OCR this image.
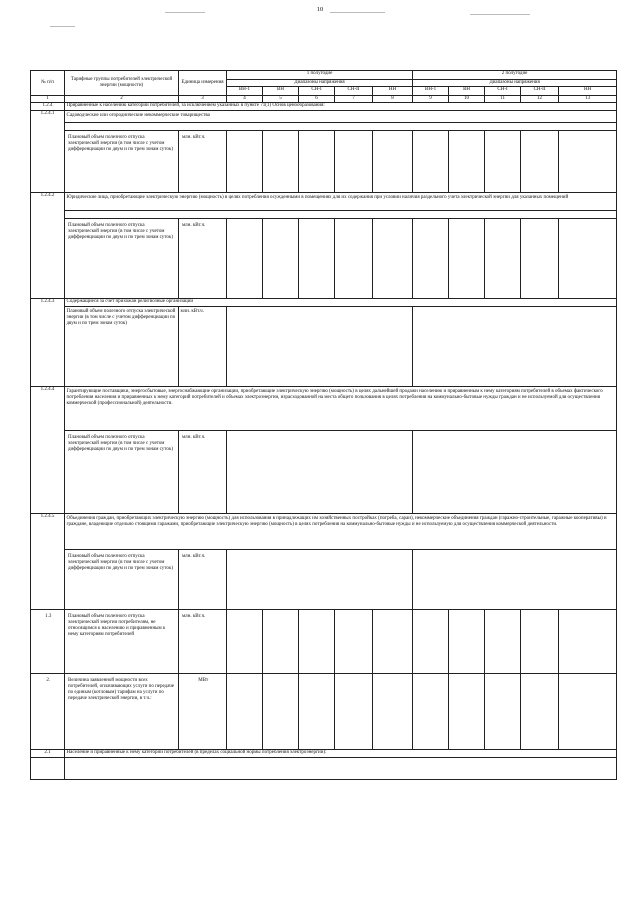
10
№ п/п	Тарифные группы потребителей электрической энергии (мощности)	Единица измерения	1 полугодие					2 полугодие				
			Диапазоны напряжения					Диапазоны напряжения				
			ВН-1	ВН	СН-I	СН-II	НН	ВН-1	ВН	СН-I	СН-II	НН
1	2	3	4	5	6	7	8	9	10	11	12	13
1.2.4	Приравненные к населению категории потребителей, за исключением указанных в пункте 71(1) Основ ценообразования:											
1.2.4.1	Садоводческие или огороднические некоммерческие товарищества											

	Плановый объем полезного отпуска электрической энергии (в том числе с учетом дифференциации по двум и по трем зонам суток)	млн. кВт.ч.										
1.2.4.2	Юридические лица, приобретающие электрическую энергию (мощность) в целях потребления осужденными в помещениях для их содержания при условии наличия раздельного учета электрической энергии для указанных помещений											

	Плановый объем полезного отпуска электрической энергии (в том числе с учетом дифференциации по двум и по трем зонам суток)	млн. кВт.ч.										
1.2.4.3	Содержащиеся за счет прихожан религиозные организации											
	Плановый объем полезного отпуска электрической энергии (в том числе с учетом дифференциации по двум и по трем зонам суток)	млн. кВт.ч.										
1.2.4.4	Гарантирующие поставщики, энергосбытовые, энергоснабжающие организации, приобретающие электрическую энергию (мощность) в целях дальнейшей продажи населению и приравненным к нему категориям потребителей в объемах фактического потребления населения и приравненных к нему категорий потребителей и объемах электроэнергии, израсходованной на места общего пользования в целях потребления на коммунально-бытовые нужды граждан и не используемой для осуществления коммерческой (профессиональной) деятельности.											
	Плановый объем полезного отпуска электрической энергии (в том числе с учетом дифференциации по двум и по трем зонам суток)	млн. кВт.ч.										
1.2.4.5	Объединения граждан, приобретающих электрическую энергию (мощность) для использования в принадлежащих им хозяйственных постройках (погреба, сараи), некоммерческие объединения граждан (гаражно-строительные, гаражные кооперативы) и граждане, владеющие отдельно стоящими гаражами, приобретающие электрическую энергию (мощность) в целях потребления на коммунально-бытовые нужды и не используемую для осуществления коммерческой деятельности.											
	Плановый объем полезного отпуска электрической энергии (в том числе с учетом дифференциации по двум и по трем зонам суток)	млн. кВт.ч.										
1.3	Плановый объем полезного отпуска электрической энергии потребителям, не относящимся к населению и приравненным к нему категориям потребителей	млн. кВт.ч.										
2.	Величина заявленной мощности всех потребителей, оплачивающих услуги по передаче по единым (котловым) тарифам на услуги по передаче электрической энергии, в т.ч.:	МВт										
2.1	Население и приравненные к нему категории потребителей (в пределах социальной нормы потребления электроэнергии):											
